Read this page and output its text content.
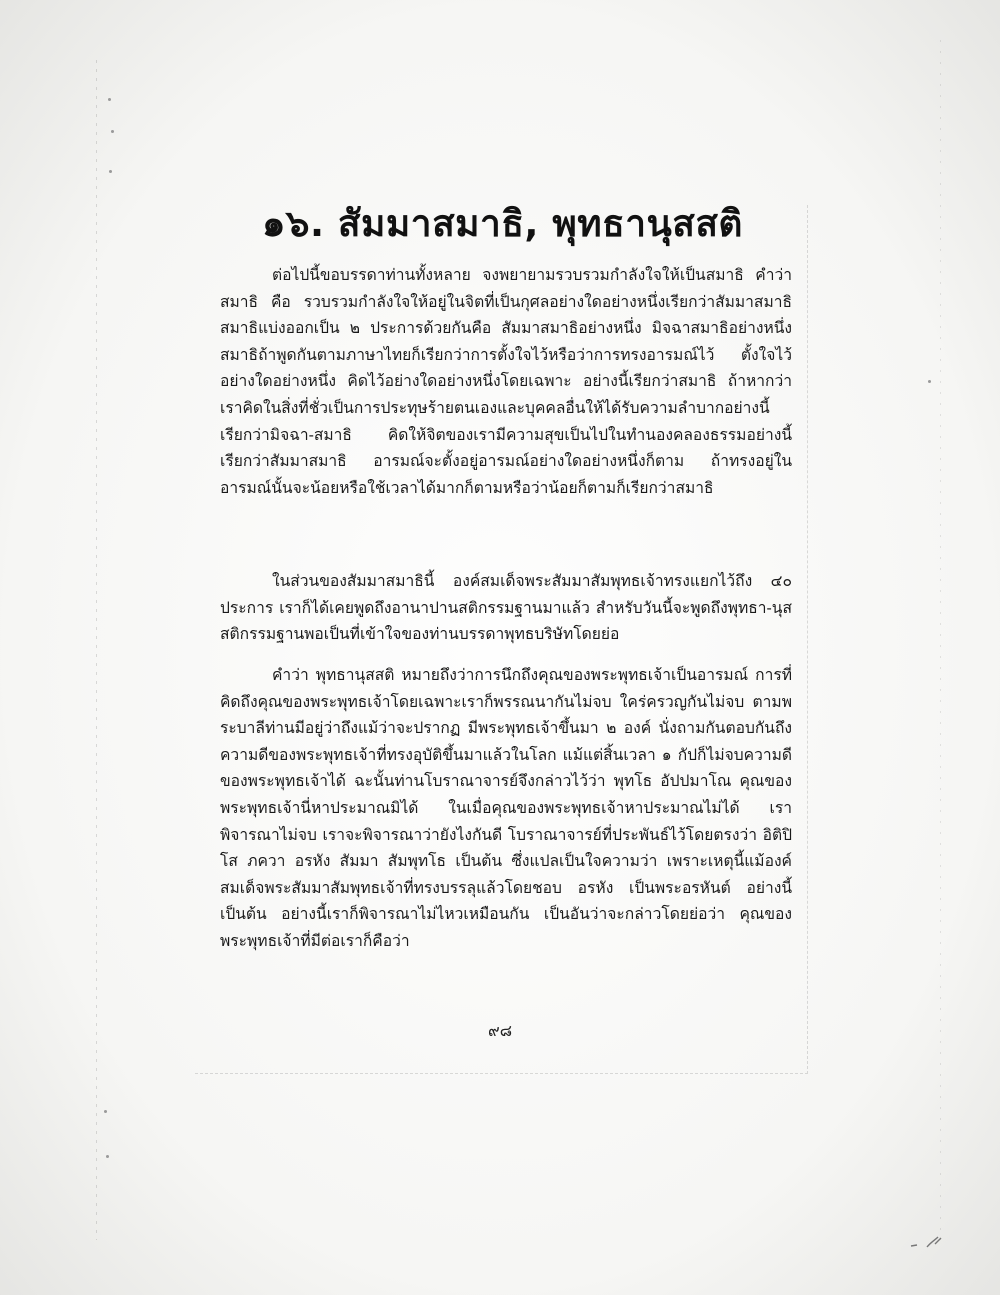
๑๖. สัมมาสมาธิ, พุทธานุสสติ
ต่อไปนี้ขอบรรดาท่านทั้งหลาย จงพยายามรวบรวมกำลังใจให้เป็นสมาธิ คำว่า สมาธิ คือ รวบรวมกำลังใจให้อยู่ในจิตที่เป็นกุศลอย่างใดอย่างหนึ่งเรียกว่าสัมมาสมาธิ สมาธิแบ่งออกเป็น ๒ ประการด้วยกันคือ สัมมาสมาธิอย่างหนึ่ง มิจฉาสมาธิอย่างหนึ่ง สมาธิถ้าพูดกันตามภาษาไทยก็เรียกว่าการตั้งใจไว้หรือว่าการทรงอารมณ์ไว้ ตั้งใจไว้อย่างใดอย่างหนึ่ง คิดไว้อย่างใดอย่างหนึ่งโดยเฉพาะ อย่างนี้เรียกว่าสมาธิ ถ้าหากว่าเราคิดในสิ่งที่ชั่วเป็นการประทุษร้ายตนเองและบุคคลอื่นให้ได้รับความลำบากอย่างนี้เรียกว่ามิจฉา-สมาธิ คิดให้จิตของเรามีความสุขเป็นไปในทำนองคลองธรรมอย่างนี้ เรียกว่าสัมมาสมาธิ อารมณ์จะตั้งอยู่อารมณ์อย่างใดอย่างหนึ่งก็ตาม ถ้าทรงอยู่ในอารมณ์นั้นจะน้อยหรือใช้เวลาได้มากก็ตามหรือว่าน้อยก็ตามก็เรียกว่าสมาธิ
ในส่วนของสัมมาสมาธินี้ องค์สมเด็จพระสัมมาสัมพุทธเจ้าทรงแยกไว้ถึง ๔๐ ประการ เราก็ได้เคยพูดถึงอานาปานสติกรรมฐานมาแล้ว สำหรับวันนี้จะพูดถึงพุทธา-นุสสติกรรมฐานพอเป็นที่เข้าใจของท่านบรรดาพุทธบริษัทโดยย่อ
คำว่า พุทธานุสสติ หมายถึงว่าการนึกถึงคุณของพระพุทธเจ้าเป็นอารมณ์ การที่คิดถึงคุณของพระพุทธเจ้าโดยเฉพาะเราก็พรรณนากันไม่จบ ใคร่ครวญกันไม่จบ ตามพระบาลีท่านมีอยู่ว่าถึงแม้ว่าจะปรากฏ มีพระพุทธเจ้าขึ้นมา ๒ องค์ นั่งถามกันตอบกันถึงความดีของพระพุทธเจ้าที่ทรงอุบัติขึ้นมาแล้วในโลก แม้แต่สิ้นเวลา ๑ กัปก็ไม่จบความดีของพระพุทธเจ้าได้ ฉะนั้นท่านโบราณาจารย์จึงกล่าวไว้ว่า พุทโธ อัปปมาโณ คุณของพระพุทธเจ้านี่หาประมาณมิได้ ในเมื่อคุณของพระพุทธเจ้าหาประมาณไม่ได้ เราพิจารณาไม่จบ เราจะพิจารณาว่ายังไงกันดี โบราณาจารย์ที่ประพันธ์ไว้โดยตรงว่า อิติปิ โส ภควา อรหัง สัมมา สัมพุทโธ เป็นต้น ซึ่งแปลเป็นใจความว่า เพราะเหตุนี้แม้องค์สมเด็จพระสัมมาสัมพุทธเจ้าที่ทรงบรรลุแล้วโดยชอบ อรหัง เป็นพระอรหันต์ อย่างนี้เป็นต้น อย่างนี้เราก็พิจารณาไม่ไหวเหมือนกัน เป็นอันว่าจะกล่าวโดยย่อว่า คุณของพระพุทธเจ้าที่มีต่อเราก็คือว่า
๙๘
